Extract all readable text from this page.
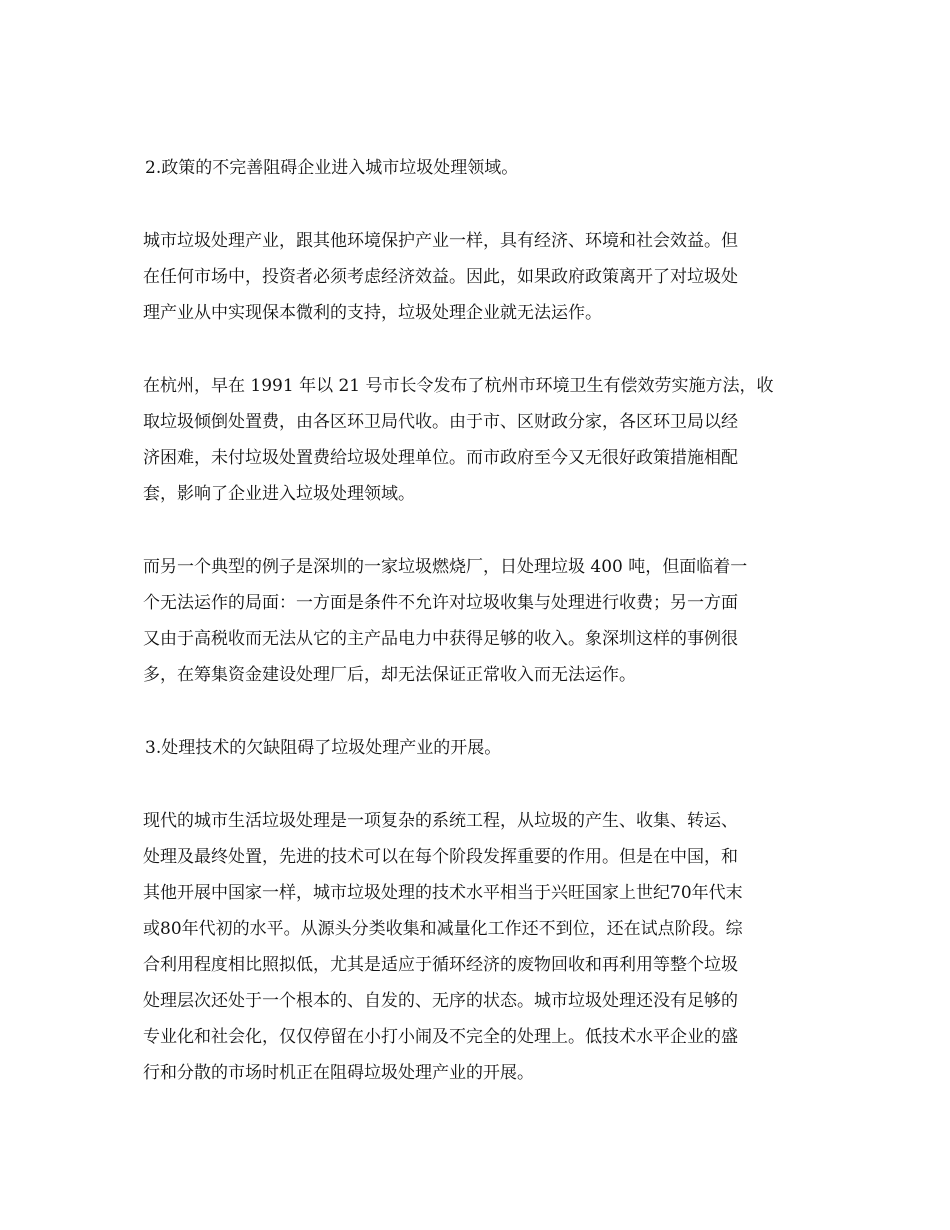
2.政策的不完善阻碍企业进入城市垃圾处理领域。

城市垃圾处理产业，跟其他环境保护产业一样，具有经济、环境和社会效益。但
在任何市场中，投资者必须考虑经济效益。因此，如果政府政策离开了对垃圾处
理产业从中实现保本微利的支持，垃圾处理企业就无法运作。

在杭州，早在 1991 年以 21 号市长令发布了杭州市环境卫生有偿效劳实施方法，收
取垃圾倾倒处置费，由各区环卫局代收。由于市、区财政分家，各区环卫局以经
济困难，未付垃圾处置费给垃圾处理单位。而市政府至今又无很好政策措施相配
套，影响了企业进入垃圾处理领域。

而另一个典型的例子是深圳的一家垃圾燃烧厂，日处理垃圾 400 吨，但面临着一
个无法运作的局面：一方面是条件不允许对垃圾收集与处理进行收费；另一方面
又由于高税收而无法从它的主产品电力中获得足够的收入。象深圳这样的事例很
多，在筹集资金建设处理厂后，却无法保证正常收入而无法运作。

3.处理技术的欠缺阻碍了垃圾处理产业的开展。

现代的城市生活垃圾处理是一项复杂的系统工程，从垃圾的产生、收集、转运、
处理及最终处置，先进的技术可以在每个阶段发挥重要的作用。但是在中国，和
其他开展中国家一样，城市垃圾处理的技术水平相当于兴旺国家上世纪70年代末
或80年代初的水平。从源头分类收集和减量化工作还不到位，还在试点阶段。综
合利用程度相比照拟低，尤其是适应于循环经济的废物回收和再利用等整个垃圾
处理层次还处于一个根本的、自发的、无序的状态。城市垃圾处理还没有足够的
专业化和社会化，仅仅停留在小打小闹及不完全的处理上。低技术水平企业的盛
行和分散的市场时机正在阻碍垃圾处理产业的开展。
